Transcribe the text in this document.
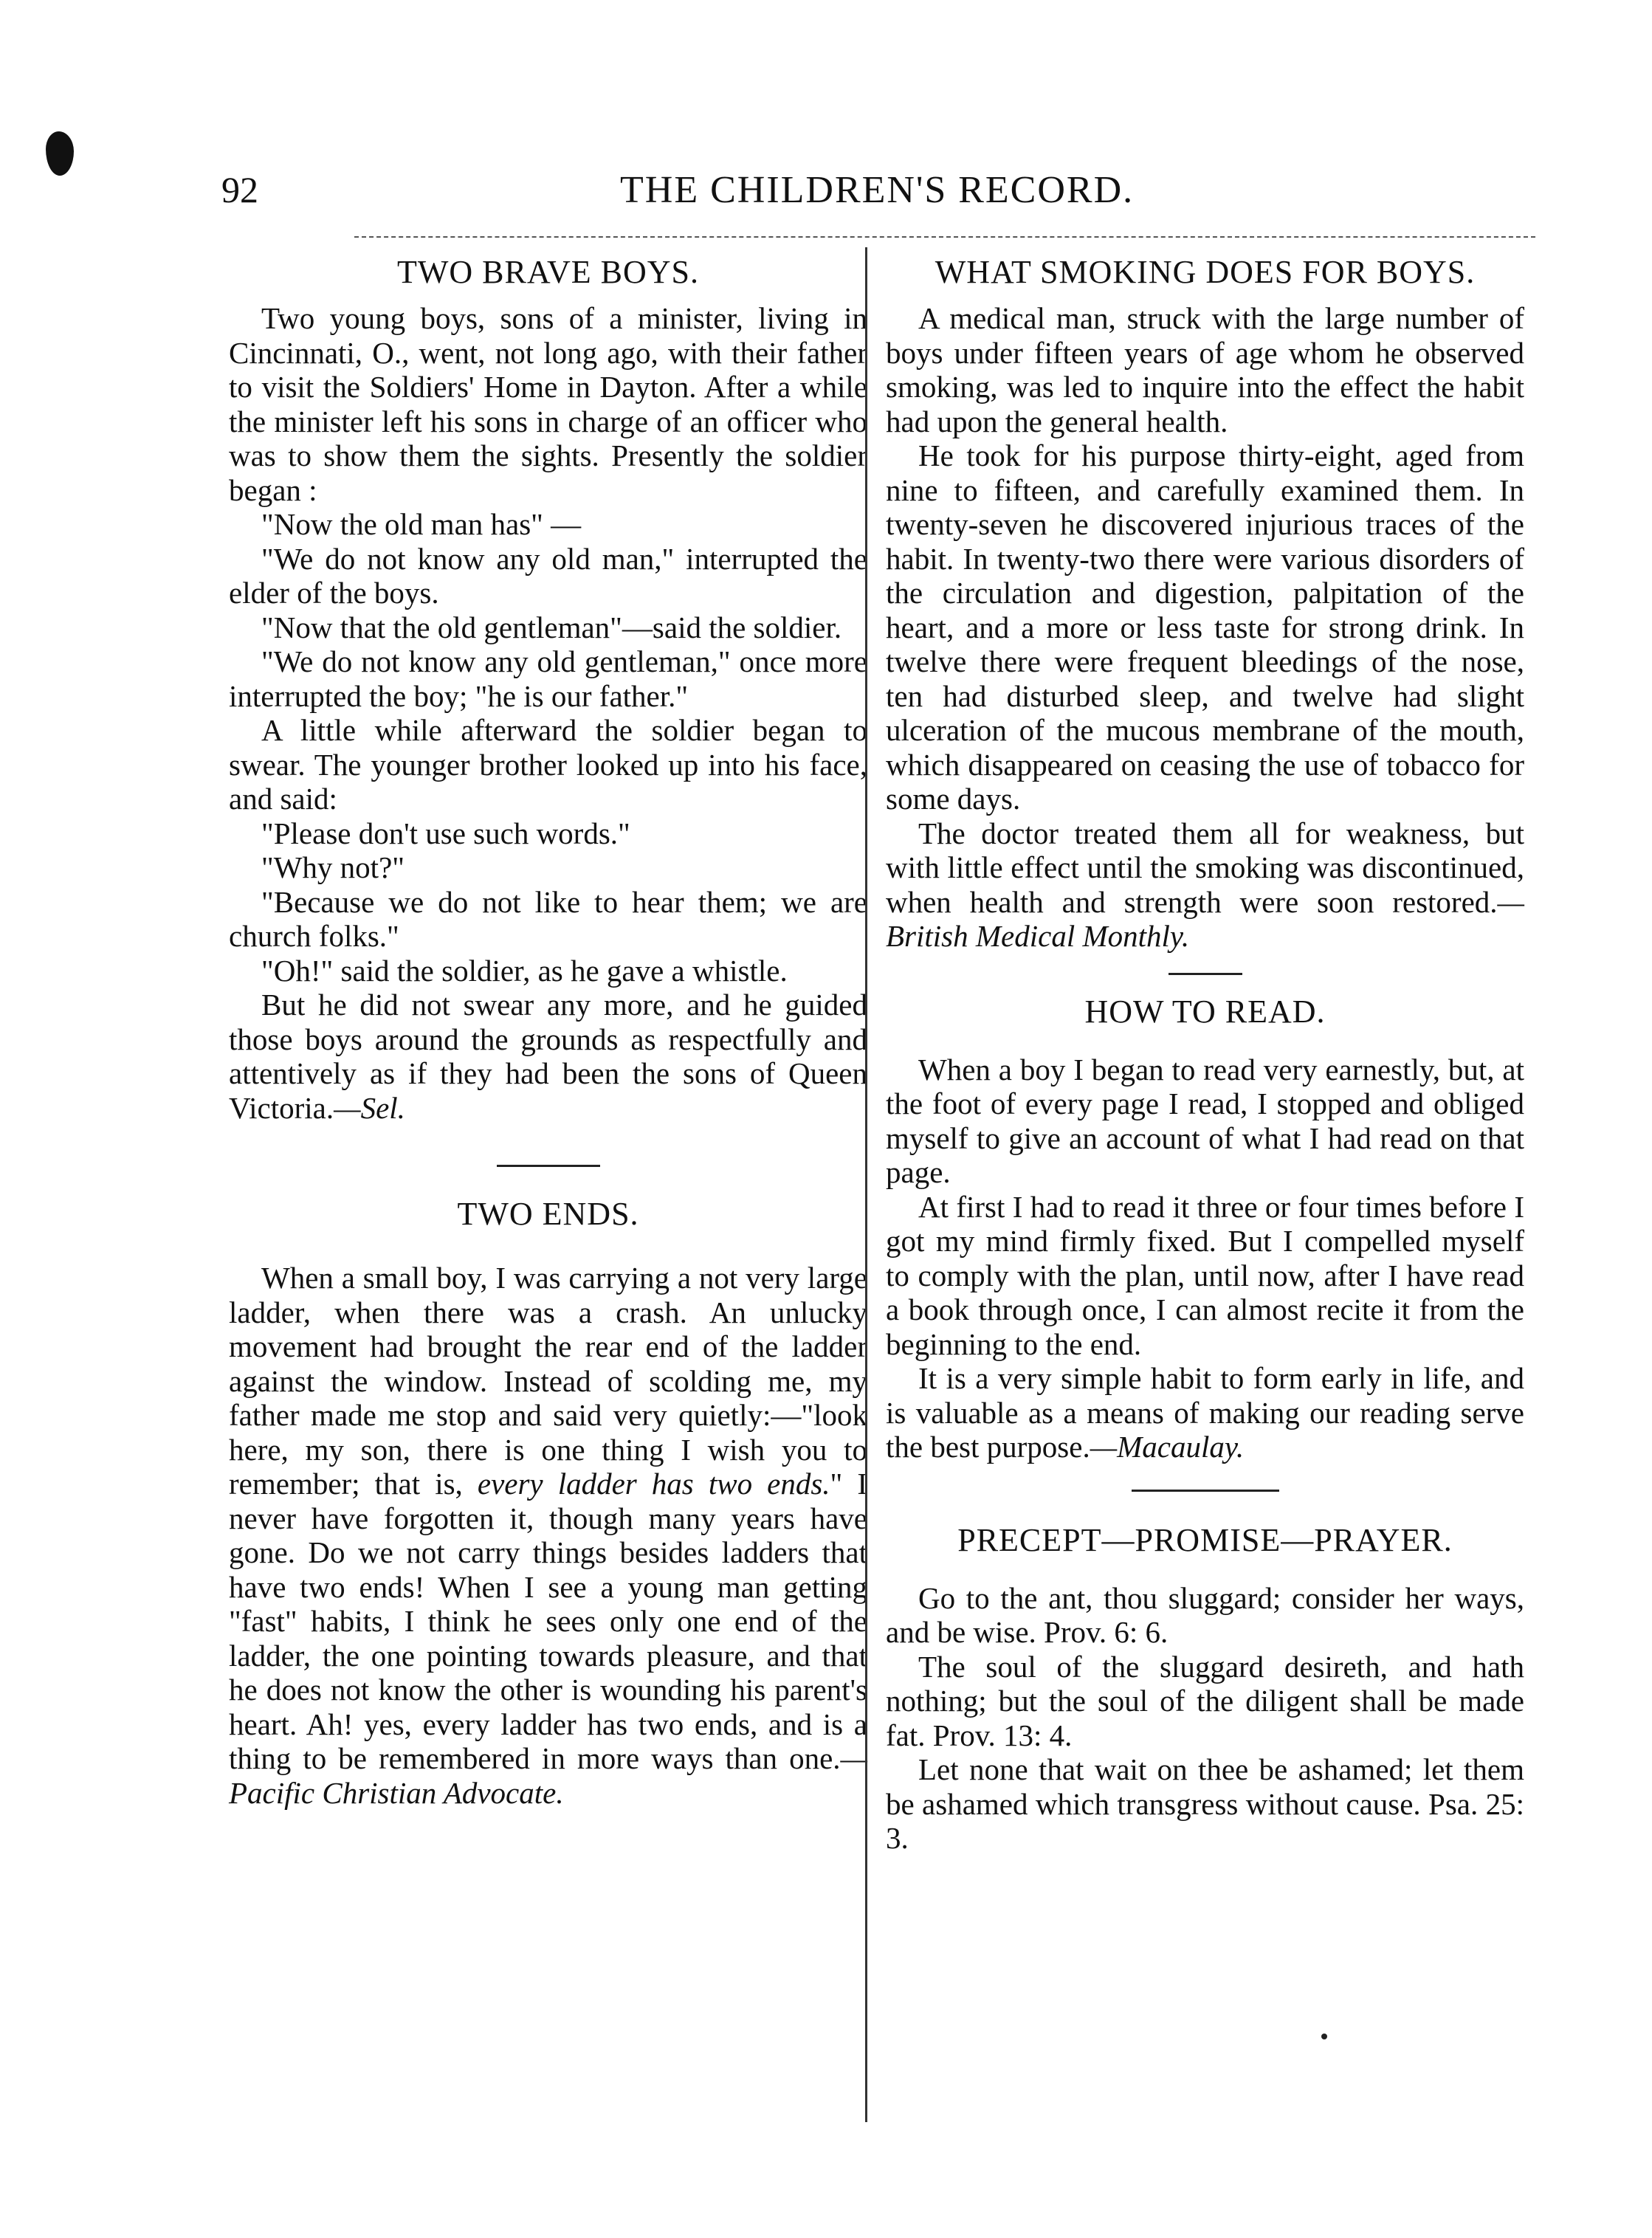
92	THE CHILDREN'S RECORD.
TWO BRAVE BOYS.

Two young boys, sons of a minister, living in Cincinnati, O., went, not long ago, with their father to visit the Soldiers' Home in Dayton. After a while the minister left his sons in charge of an officer who was to show them the sights. Presently the soldier began :

"Now the old man has" —

"We do not know any old man," interrupted the elder of the boys.

"Now that the old gentleman"—said the soldier.

"We do not know any old gentleman," once more interrupted the boy; "he is our father."

A little while afterward the soldier began to swear. The younger brother looked up into his face, and said:

"Please don't use such words."

"Why not?"

"Because we do not like to hear them; we are church folks."

"Oh!" said the soldier, as he gave a whistle.

But he did not swear any more, and he guided those boys around the grounds as respectfully and attentively as if they had been the sons of Queen Victoria.—Sel.

TWO ENDS.

When a small boy, I was carrying a not very large ladder, when there was a crash. An unlucky movement had brought the rear end of the ladder against the window. Instead of scolding me, my father made me stop and said very quietly:—"look here, my son, there is one thing I wish you to remember; that is, every ladder has two ends." I never have forgotten it, though many years have gone. Do we not carry things besides ladders that have two ends! When I see a young man getting "fast" habits, I think he sees only one end of the ladder, the one pointing towards pleasure, and that he does not know the other is wounding his parent's heart. Ah! yes, every ladder has two ends, and is a thing to be remembered in more ways than one.—Pacific Christian Advocate.

WHAT SMOKING DOES FOR BOYS.

A medical man, struck with the large number of boys under fifteen years of age whom he observed smoking, was led to inquire into the effect the habit had upon the general health.

He took for his purpose thirty-eight, aged from nine to fifteen, and carefully examined them. In twenty-seven he discovered injurious traces of the habit. In twenty-two there were various disorders of the circulation and digestion, palpitation of the heart, and a more or less taste for strong drink. In twelve there were frequent bleedings of the nose, ten had disturbed sleep, and twelve had slight ulceration of the mucous membrane of the mouth, which disappeared on ceasing the use of tobacco for some days.

The doctor treated them all for weakness, but with little effect until the smoking was discontinued, when health and strength were soon restored.—British Medical Monthly.

HOW TO READ.

When a boy I began to read very earnestly, but, at the foot of every page I read, I stopped and obliged myself to give an account of what I had read on that page.

At first I had to read it three or four times before I got my mind firmly fixed. But I compelled myself to comply with the plan, until now, after I have read a book through once, I can almost recite it from the beginning to the end.

It is a very simple habit to form early in life, and is valuable as a means of making our reading serve the best purpose.—Macaulay.

PRECEPT—PROMISE—PRAYER.

Go to the ant, thou sluggard; consider her ways, and be wise. Prov. 6: 6.

The soul of the sluggard desireth, and hath nothing; but the soul of the diligent shall be made fat. Prov. 13: 4.

Let none that wait on thee be ashamed; let them be ashamed which transgress without cause. Psa. 25: 3.
